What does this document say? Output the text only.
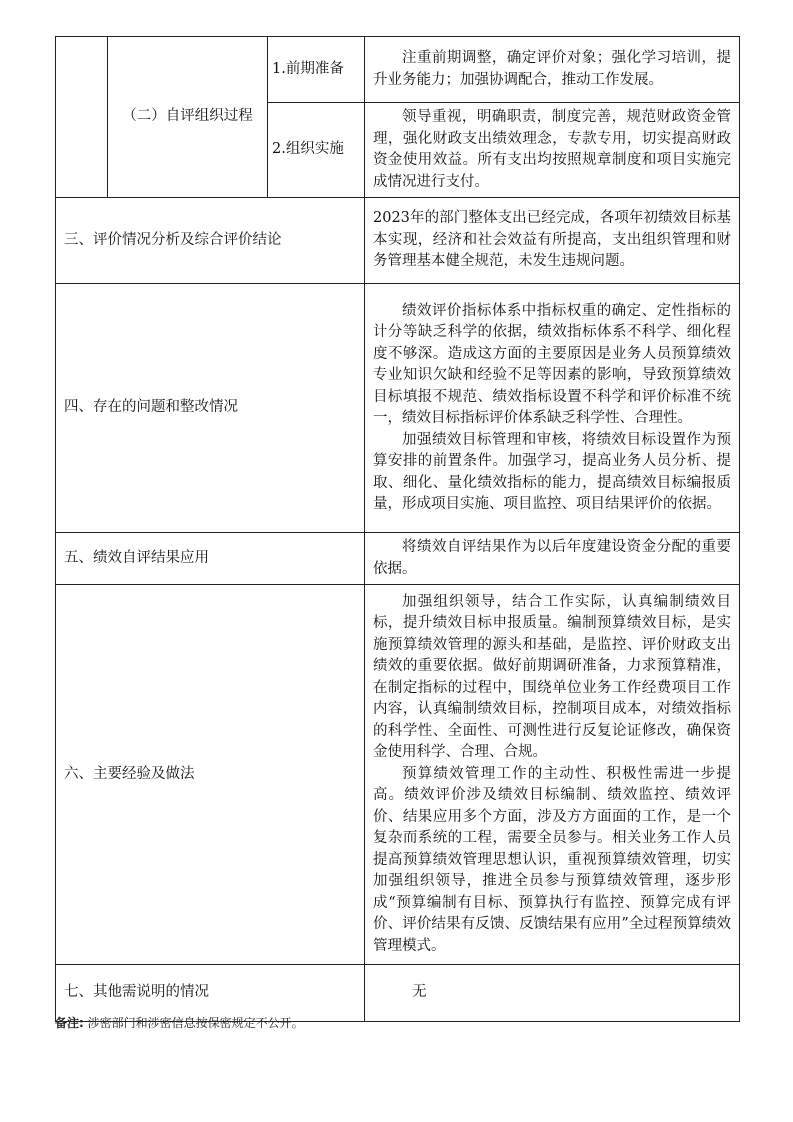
	（二）自评组织过程	1.前期准备	注重前期调整，确定评价对象；强化学习培训，提升业务能力；加强协调配合，推动工作发展。

		2.组织实施	领导重视，明确职责，制度完善，规范财政资金管理，强化财政支出绩效理念，专款专用，切实提高财政资金使用效益。所有支出均按照规章制度和项目实施完成情况进行支付。

三、评价情况分析及综合评价结论			2023年的部门整体支出已经完成，各项年初绩效目标基本实现，经济和社会效益有所提高，支出组织管理和财务管理基本健全规范，未发生违规问题。

四、存在的问题和整改情况			绩效评价指标体系中指标权重的确定、定性指标的计分等缺乏科学的依据，绩效指标体系不科学、细化程度不够深。造成这方面的主要原因是业务人员预算绩效专业知识欠缺和经验不足等因素的影响，导致预算绩效目标填报不规范、绩效指标设置不科学和评价标准不统一，绩效目标指标评价体系缺乏科学性、合理性。

加强绩效目标管理和审核，将绩效目标设置作为预算安排的前置条件。加强学习，提高业务人员分析、提取、细化、量化绩效指标的能力，提高绩效目标编报质量，形成项目实施、项目监控、项目结果评价的依据。

五、绩效自评结果应用			将绩效自评结果作为以后年度建设资金分配的重要依据。

六、主要经验及做法			加强组织领导，结合工作实际，认真编制绩效目标，提升绩效目标申报质量。编制预算绩效目标，是实施预算绩效管理的源头和基础，是监控、评价财政支出绩效的重要依据。做好前期调研准备，力求预算精准，在制定指标的过程中，围绕单位业务工作经费项目工作内容，认真编制绩效目标，控制项目成本，对绩效指标的科学性、全面性、可测性进行反复论证修改，确保资金使用科学、合理、合规。

预算绩效管理工作的主动性、积极性需进一步提高。绩效评价涉及绩效目标编制、绩效监控、绩效评价、结果应用多个方面，涉及方方面面的工作，是一个复杂而系统的工程，需要全员参与。相关业务工作人员提高预算绩效管理思想认识，重视预算绩效管理，切实加强组织领导，推进全员参与预算绩效管理，逐步形成“预算编制有目标、预算执行有监控、预算完成有评价、评价结果有反馈、反馈结果有应用”全过程预算绩效管理模式。

七、其他需说明的情况			无

备注: 涉密部门和涉密信息按保密规定不公开。
